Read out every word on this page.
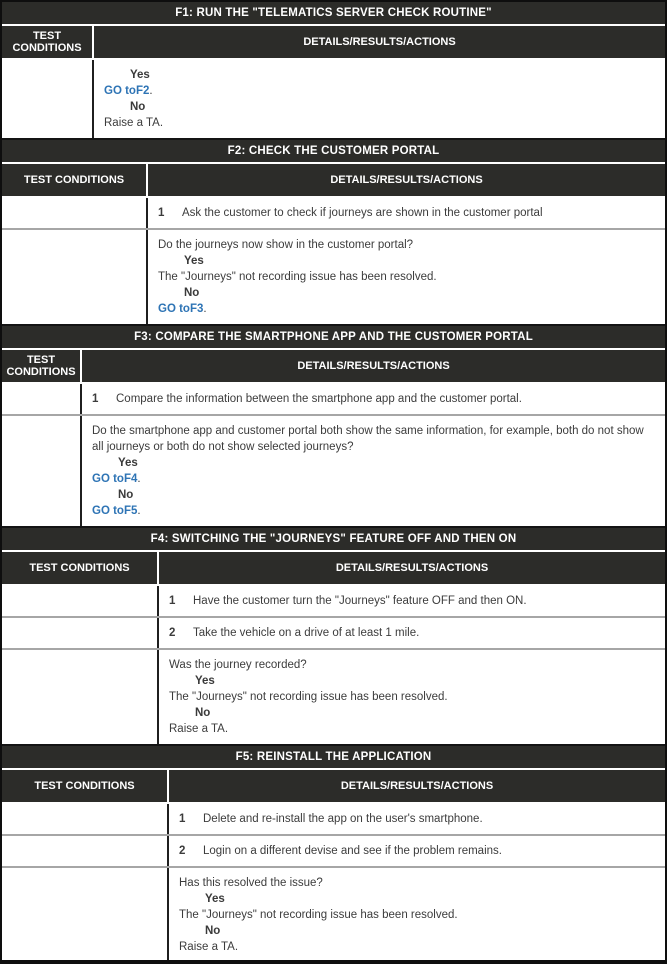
F1: RUN THE "TELEMATICS SERVER CHECK ROUTINE"
TEST CONDITIONS	DETAILS/RESULTS/ACTIONS
Yes
GO toF2.
No
Raise a TA.
F2: CHECK THE CUSTOMER PORTAL
TEST CONDITIONS	DETAILS/RESULTS/ACTIONS
1	Ask the customer to check if journeys are shown in the customer portal
Do the journeys now show in the customer portal?
Yes
The "Journeys" not recording issue has been resolved.
No
GO toF3.
F3: COMPARE THE SMARTPHONE APP AND THE CUSTOMER PORTAL
TEST CONDITIONS	DETAILS/RESULTS/ACTIONS
1	Compare the information between the smartphone app and the customer portal.
Do the smartphone app and customer portal both show the same information, for example, both do not show all journeys or both do not show selected journeys?
Yes
GO toF4.
No
GO toF5.
F4: SWITCHING THE "JOURNEYS" FEATURE OFF AND THEN ON
TEST CONDITIONS	DETAILS/RESULTS/ACTIONS
1	Have the customer turn the "Journeys" feature OFF and then ON.
2	Take the vehicle on a drive of at least 1 mile.
Was the journey recorded?
Yes
The "Journeys" not recording issue has been resolved.
No
Raise a TA.
F5: REINSTALL THE APPLICATION
TEST CONDITIONS	DETAILS/RESULTS/ACTIONS
1	Delete and re-install the app on the user's smartphone.
2	Login on a different devise and see if the problem remains.
Has this resolved the issue?
Yes
The "Journeys" not recording issue has been resolved.
No
Raise a TA.
